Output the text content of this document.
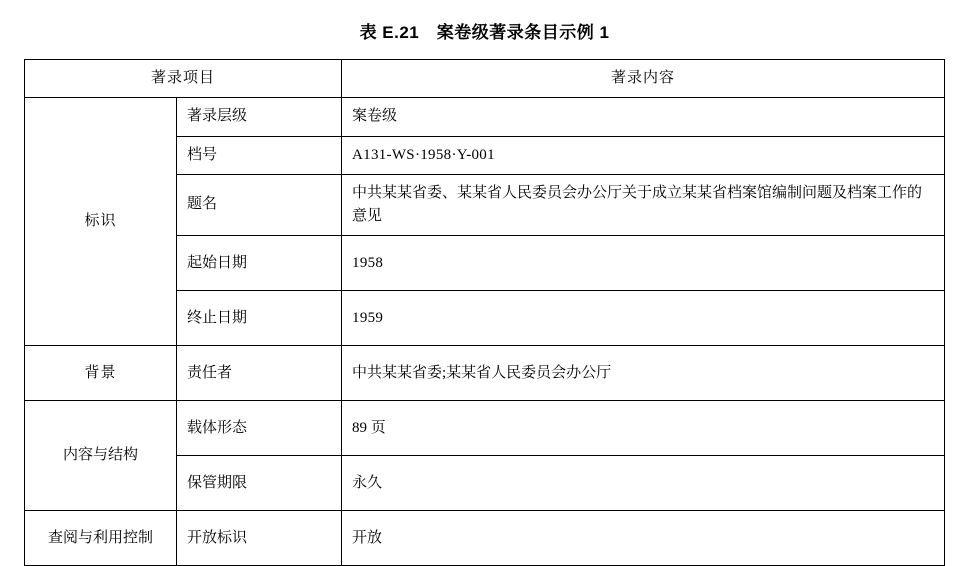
表 E.21　案卷级著录条目示例 1
著录项目		著录内容
标识	著录层级	案卷级
	档号	A131-WS·1958·Y-001
	题名	中共某某省委、某某省人民委员会办公厅关于成立某某省档案馆编制问题及档案工作的意见
	起始日期	1958
	终止日期	1959
背景	责任者	中共某某省委;某某省人民委员会办公厅
内容与结构	载体形态	89 页
	保管期限	永久
查阅与利用控制	开放标识	开放
